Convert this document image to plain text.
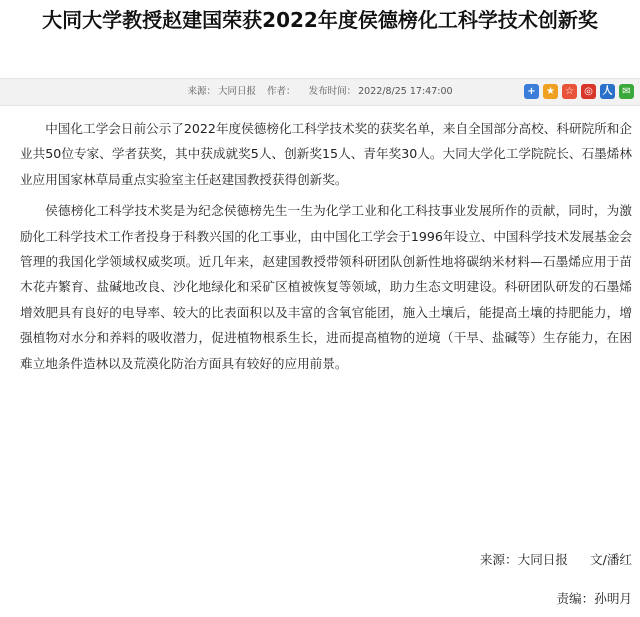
大同大学教授赵建国荣获2022年度侯德榜化工科学技术创新奖
来源： 大同日报 作者： 发布时间： 2022/8/25 17:47:00	+	★	☆	◎ 人 ✉

中国化工学会日前公示了2022年度侯德榜化工科学技术奖的获奖名单，来自全国部分高校、科研院所和企业共50位专家、学者获奖，其中获成就奖5人、创新奖15人、青年奖30人。大同大学化工学院院长、石墨烯林业应用国家林草局重点实验室主任赵建国教授获得创新奖。

侯德榜化工科学技术奖是为纪念侯德榜先生一生为化学工业和化工科技事业发展所作的贡献，同时，为激励化工科学技术工作者投身于科教兴国的化工事业，由中国化工学会于1996年设立、中国科学技术发展基金会管理的我国化学领域权威奖项。近几年来，赵建国教授带领科研团队创新性地将碳纳米材料—石墨烯应用于苗木花卉繁育、盐碱地改良、沙化地绿化和采矿区植被恢复等领域，助力生态文明建设。科研团队研发的石墨烯增效肥具有良好的电导率、较大的比表面积以及丰富的含氧官能团，施入土壤后，能提高土壤的持肥能力，增强植物对水分和养料的吸收潜力，促进植物根系生长，进而提高植物的逆境（干旱、盐碱等）生存能力，在困难立地条件造林以及荒漠化防治方面具有较好的应用前景。

来源：大同日报 文/潘红
责编：孙明月
